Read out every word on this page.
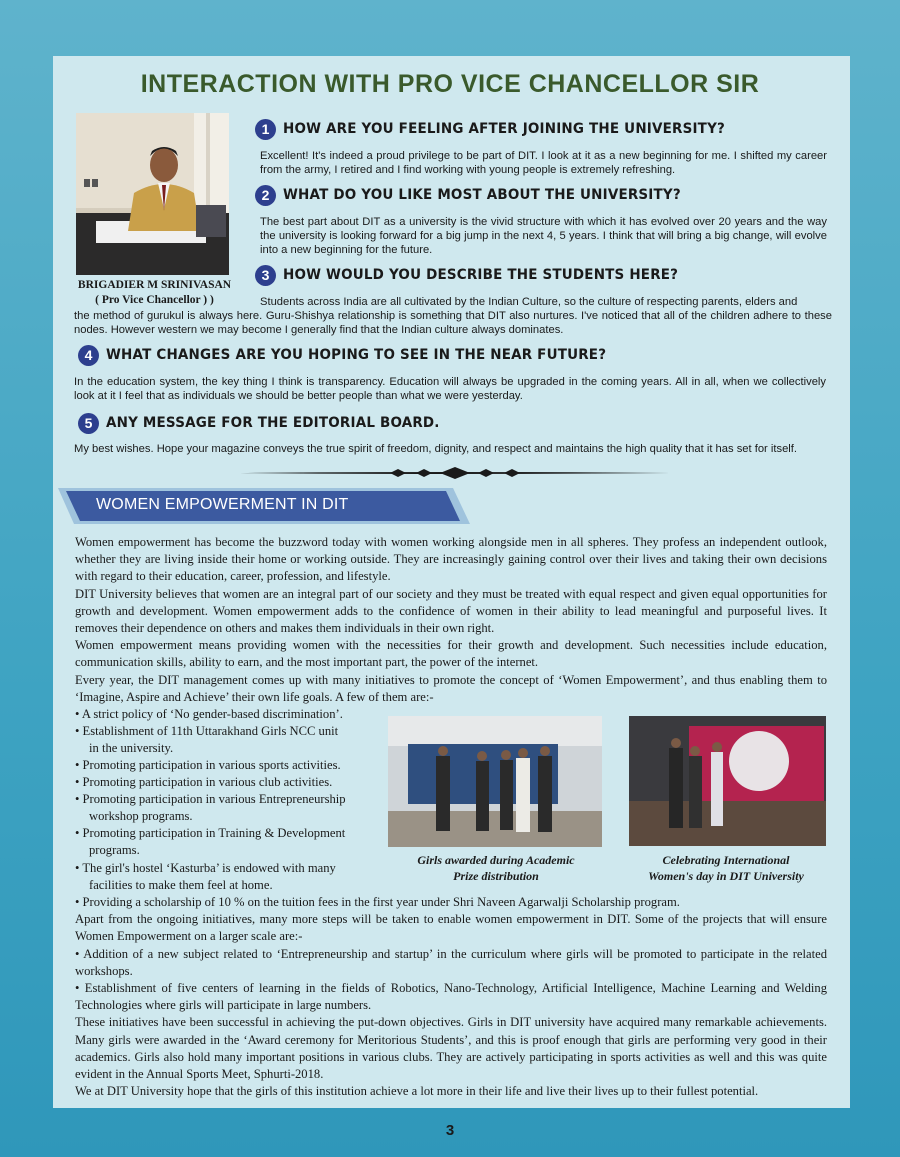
INTERACTION WITH PRO VICE CHANCELLOR SIR
BRIGADIER M SRINIVASAN
( Pro Vice Chancellor ) )
1 HOW ARE YOU FEELING AFTER JOINING THE UNIVERSITY?
Excellent! It's indeed a proud privilege to be part of DIT. I look at it as a new beginning for me. I shifted my career from the army, I retired and I find working with young people is extremely refreshing.
2 WHAT DO YOU LIKE MOST ABOUT THE UNIVERSITY?
The best part about DIT as a university is the vivid structure with which it has evolved over 20 years and the way the university is looking forward for a big jump in the next 4, 5 years. I think that will bring a big change, will evolve into a new beginning for the future.
3 HOW WOULD YOU DESCRIBE THE STUDENTS HERE?
Students across India are all cultivated by the Indian Culture, so the culture of respecting parents, elders and
the method of gurukul is always here. Guru-Shishya relationship is something that DIT also nurtures. I've noticed that all of the children adhere to these nodes. However western we may become I generally find that the Indian culture always dominates.
4 WHAT CHANGES ARE YOU HOPING TO SEE IN THE NEAR FUTURE?
In the education system, the key thing I think is transparency. Education will always be upgraded in the coming years. All in all, when we collectively look at it I feel that as individuals we should be better people than what we were yesterday.
5 ANY MESSAGE FOR THE EDITORIAL BOARD.
My best wishes. Hope your magazine conveys the true spirit of freedom, dignity, and respect and maintains the high quality that it has set for itself.
WOMEN EMPOWERMENT IN DIT
Women empowerment has become the buzzword today with women working alongside men in all spheres. They profess an independent outlook, whether they are living inside their home or working outside. They are increasingly gaining control over their lives and taking their own decisions with regard to their education, career, profession, and lifestyle.
DIT University believes that women are an integral part of our society and they must be treated with equal respect and given equal opportunities for growth and development. Women empowerment adds to the confidence of women in their ability to lead meaningful and purposeful lives. It removes their dependence on others and makes them individuals in their own right.
Women empowerment means providing women with the necessities for their growth and development. Such necessities include education, communication skills, ability to earn, and the most important part, the power of the internet.
Every year, the DIT management comes up with many initiatives to promote the concept of ‘Women Empowerment’, and thus enabling them to ‘Imagine, Aspire and Achieve’ their own life goals. A few of them are:-
• A strict policy of ‘No gender-based discrimination’.
• Establishment of 11th Uttarakhand Girls NCC unit
in the university.
• Promoting participation in various sports activities.
• Promoting participation in various club activities.
• Promoting participation in various Entrepreneurship
workshop programs.
• Promoting participation in Training & Development
programs.
• The girl's hostel ‘Kasturba’ is endowed with many
facilities to make them feel at home.
Girls awarded during Academic
Prize distribution
Celebrating International
Women's day in DIT University
• Providing a scholarship of 10 % on the tuition fees in the first year under Shri Naveen Agarwalji Scholarship program.
Apart from the ongoing initiatives, many more steps will be taken to enable women empowerment in DIT. Some of the projects that will ensure Women Empowerment on a larger scale are:-
• Addition of a new subject related to ‘Entrepreneurship and startup’ in the curriculum where girls will be promoted to participate in the related workshops.
• Establishment of five centers of learning in the fields of Robotics, Nano-Technology, Artificial Intelligence, Machine Learning and Welding Technologies where girls will participate in large numbers.
These initiatives have been successful in achieving the put-down objectives. Girls in DIT university have acquired many remarkable achievements. Many girls were awarded in the ‘Award ceremony for Meritorious Students’, and this is proof enough that girls are performing very good in their academics. Girls also hold many important positions in various clubs. They are actively participating in sports activities as well and this was quite evident in the Annual Sports Meet, Sphurti-2018.
We at DIT University hope that the girls of this institution achieve a lot more in their life and live their lives up to their fullest potential.
3
